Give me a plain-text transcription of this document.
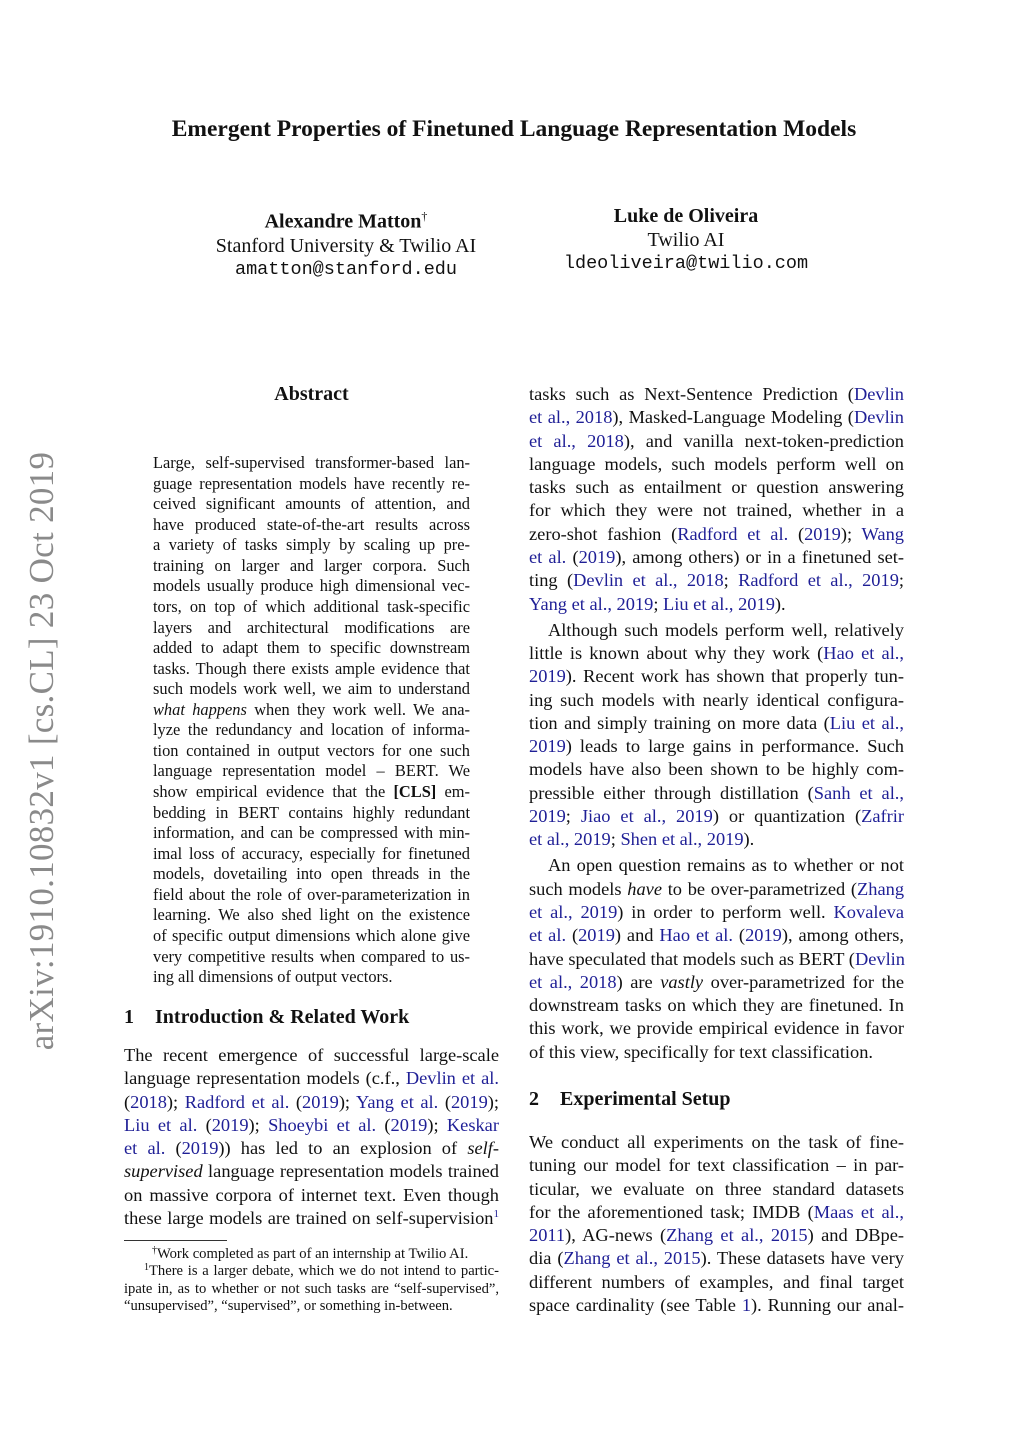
arXiv:1910.10832v1 [cs.CL] 23 Oct 2019
Emergent Properties of Finetuned Language Representation Models
Alexandre Matton†
Stanford University & Twilio AI
amatton@stanford.edu
Luke de Oliveira
Twilio AI
ldeoliveira@twilio.com
Abstract
Large, self-supervised transformer-based lan-
guage representation models have recently re-
ceived significant amounts of attention, and
have produced state-of-the-art results across
a variety of tasks simply by scaling up pre-
training on larger and larger corpora. Such
models usually produce high dimensional vec-
tors, on top of which additional task-specific
layers and architectural modifications are
added to adapt them to specific downstream
tasks. Though there exists ample evidence that
such models work well, we aim to understand
what happens when they work well. We ana-
lyze the redundancy and location of informa-
tion contained in output vectors for one such
language representation model – BERT. We
show empirical evidence that the [CLS] em-
bedding in BERT contains highly redundant
information, and can be compressed with min-
imal loss of accuracy, especially for finetuned
models, dovetailing into open threads in the
field about the role of over-parameterization in
learning. We also shed light on the existence
of specific output dimensions which alone give
very competitive results when compared to us-
ing all dimensions of output vectors.
1 Introduction & Related Work
The recent emergence of successful large-scale
language representation models (c.f., Devlin et al.
(2018); Radford et al. (2019); Yang et al. (2019);
Liu et al. (2019); Shoeybi et al. (2019); Keskar
et al. (2019)) has led to an explosion of self-
supervised language representation models trained
on massive corpora of internet text. Even though
these large models are trained on self-supervision$^1$
†Work completed as part of an internship at Twilio AI.
$^1$There is a larger debate, which we do not intend to partic-
ipate in, as to whether or not such tasks are “self-supervised”,
“unsupervised”, “supervised”, or something in-between.
tasks such as Next-Sentence Prediction (Devlin
et al., 2018), Masked-Language Modeling (Devlin
et al., 2018), and vanilla next-token-prediction
language models, such models perform well on
tasks such as entailment or question answering
for which they were not trained, whether in a
zero-shot fashion (Radford et al. (2019); Wang
et al. (2019), among others) or in a finetuned set-
ting (Devlin et al., 2018; Radford et al., 2019;
Yang et al., 2019; Liu et al., 2019).
Although such models perform well, relatively
little is known about why they work (Hao et al.,
2019). Recent work has shown that properly tun-
ing such models with nearly identical configura-
tion and simply training on more data (Liu et al.,
2019) leads to large gains in performance. Such
models have also been shown to be highly com-
pressible either through distillation (Sanh et al.,
2019; Jiao et al., 2019) or quantization (Zafrir
et al., 2019; Shen et al., 2019).
An open question remains as to whether or not
such models have to be over-parametrized (Zhang
et al., 2019) in order to perform well. Kovaleva
et al. (2019) and Hao et al. (2019), among others,
have speculated that models such as BERT (Devlin
et al., 2018) are vastly over-parametrized for the
downstream tasks on which they are finetuned. In
this work, we provide empirical evidence in favor
of this view, specifically for text classification.
2 Experimental Setup
We conduct all experiments on the task of fine-
tuning our model for text classification – in par-
ticular, we evaluate on three standard datasets
for the aforementioned task; IMDB (Maas et al.,
2011), AG-news (Zhang et al., 2015) and DBpe-
dia (Zhang et al., 2015). These datasets have very
different numbers of examples, and final target
space cardinality (see Table 1). Running our anal-
